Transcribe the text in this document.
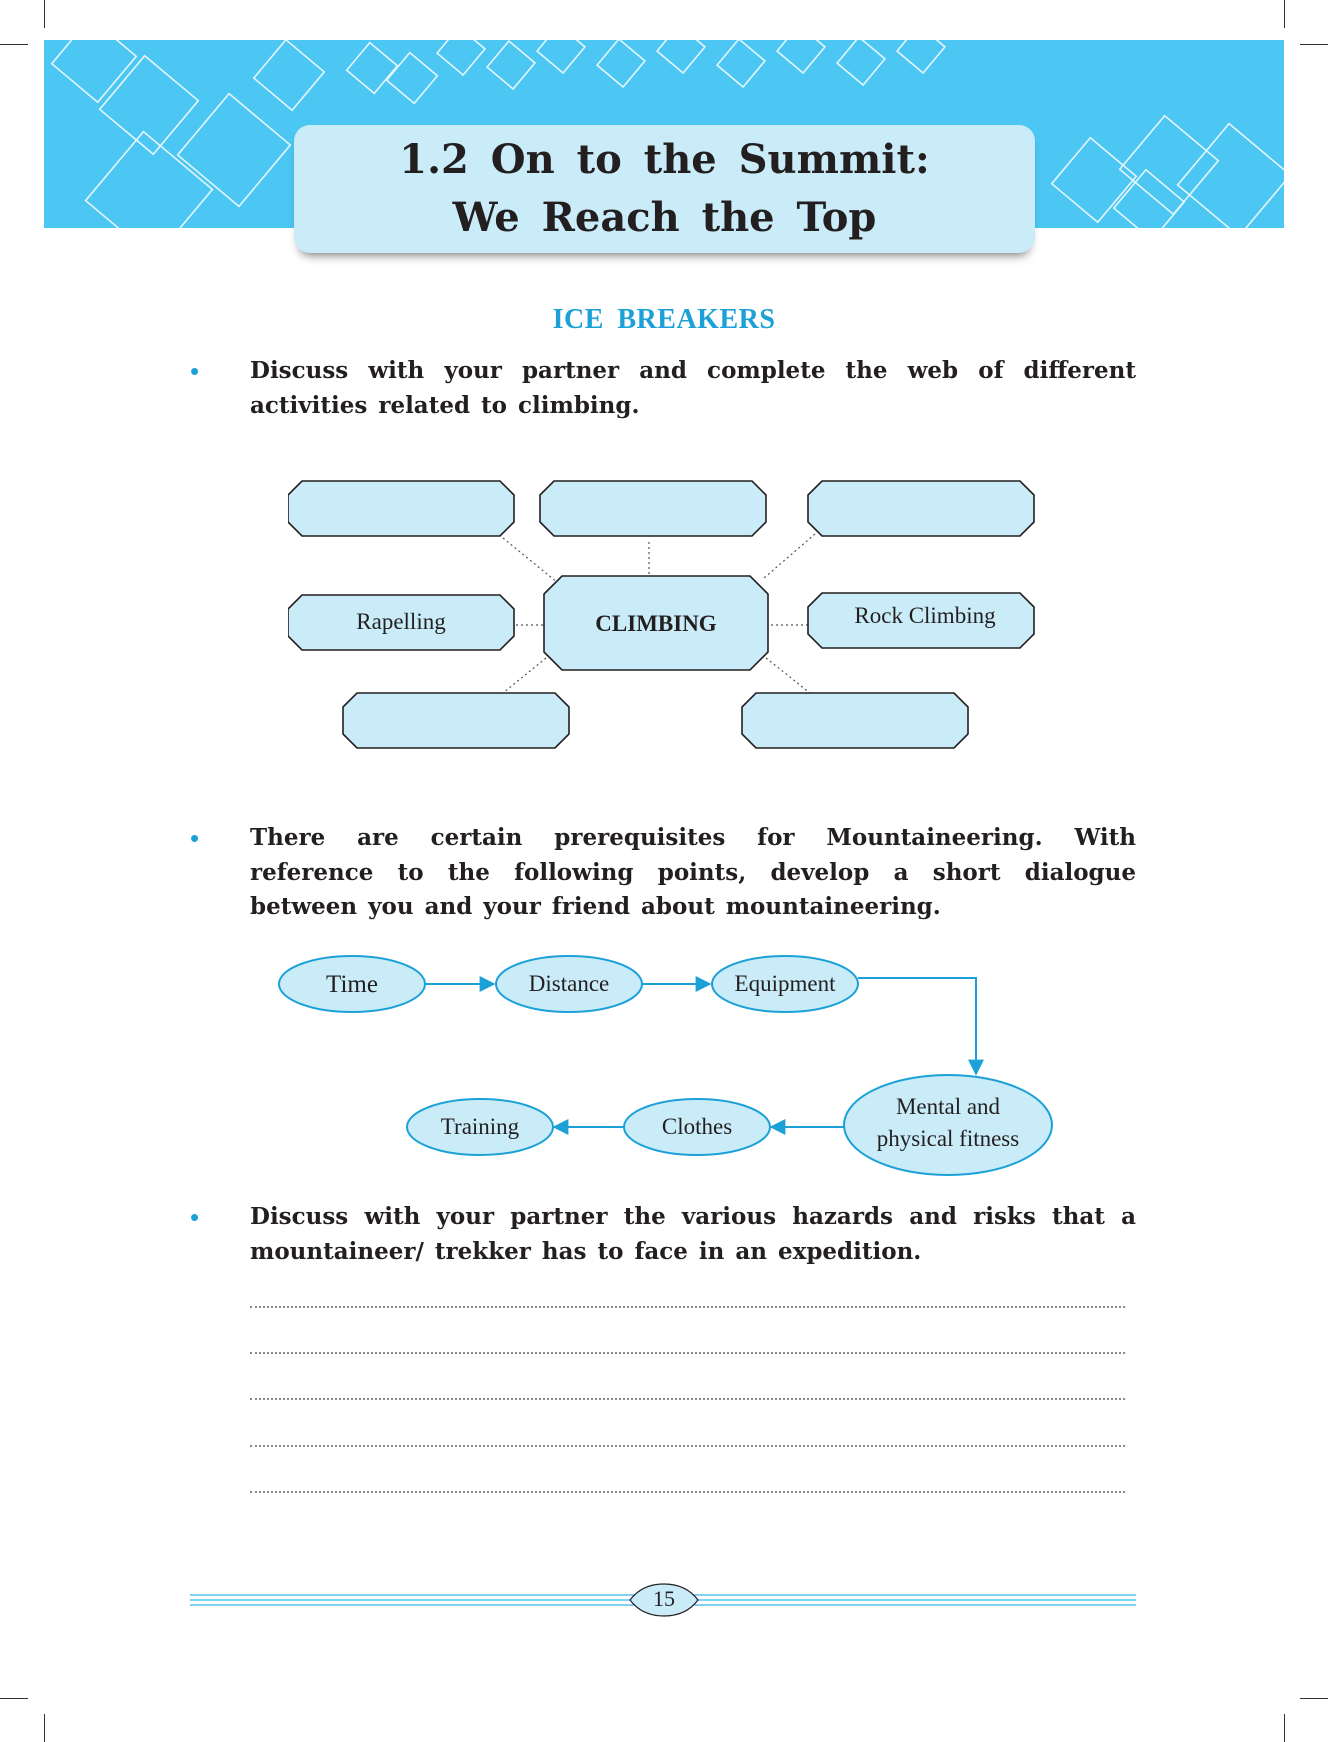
1.2 On to the Summit:
We Reach the Top
ICE BREAKERS
• Discuss with your partner and complete the web of different activities related to climbing.
Rapelling	CLIMBING	Rock Climbing
• There are certain prerequisites for Mountaineering. With reference to the following points, develop a short dialogue between you and your friend about mountaineering.
Time	Distance	Equipment
Mental and
physical fitness
Clothes
Training
• Discuss with your partner the various hazards and risks that a mountaineer/ trekker has to face in an expedition.
15
